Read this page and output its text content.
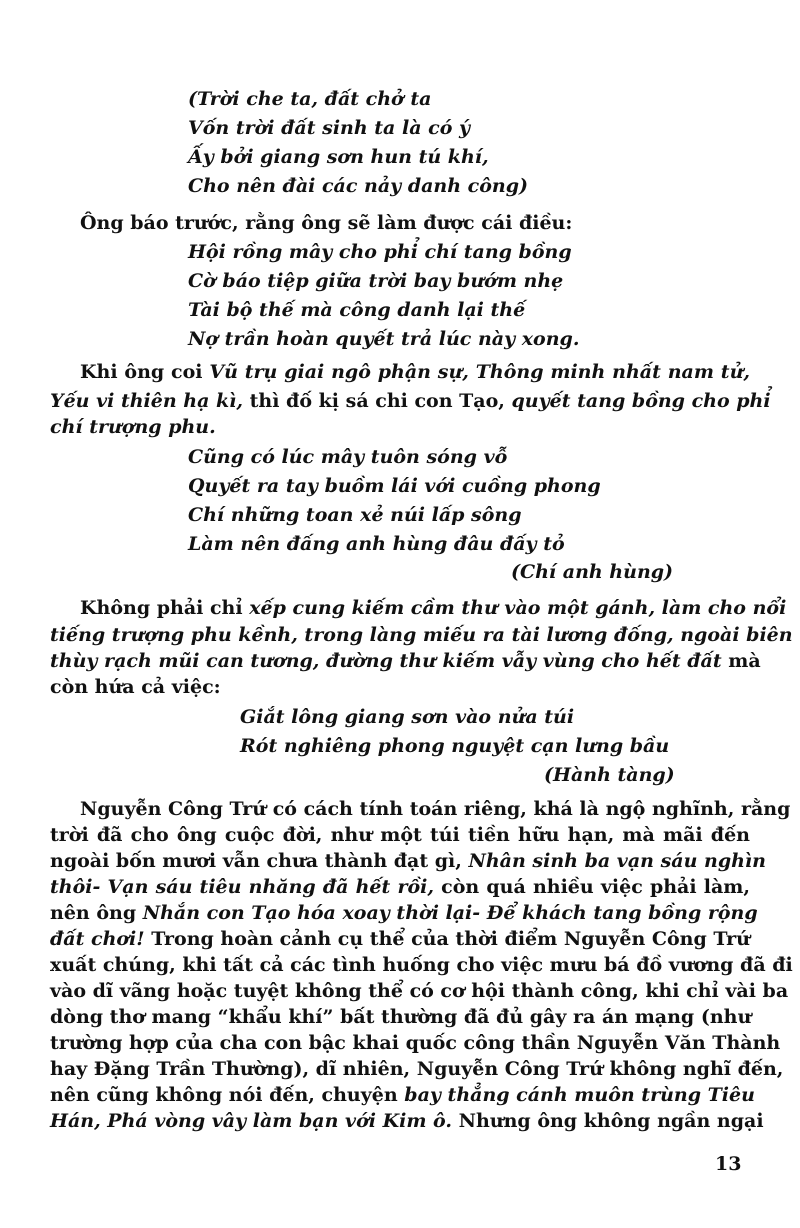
(Trời che ta, đất chở ta
Vốn trời đất sinh ta là có ý
Ấy bởi giang sơn hun tú khí,
Cho nên đài các nảy danh công)
Ông báo trước, rằng ông sẽ làm được cái điều:
Hội rồng mây cho phỉ chí tang bồng
Cờ báo tiệp giữa trời bay bướm nhẹ
Tài bộ thế mà công danh lại thế
Nợ trần hoàn quyết trả lúc này xong.
Khi ông coi Vũ trụ giai ngô phận sự, Thông minh nhất nam tử,
Yếu vi thiên hạ kì, thì đố kị sá chi con Tạo, quyết tang bồng cho phỉ
chí trượng phu.
Cũng có lúc mây tuôn sóng vỗ
Quyết ra tay buồm lái với cuồng phong
Chí những toan xẻ núi lấp sông
Làm nên đấng anh hùng đâu đấy tỏ
(Chí anh hùng)
Không phải chỉ xếp cung kiếm cầm thư vào một gánh, làm cho nổi
tiếng trượng phu kềnh, trong làng miếu ra tài lương đống, ngoài biên
thùy rạch mũi can tương, đường thư kiếm vẫy vùng cho hết đất mà
còn hứa cả việc:
Giắt lông giang sơn vào nửa túi
Rót nghiêng phong nguyệt cạn lưng bầu
(Hành tàng)
Nguyễn Công Trứ có cách tính toán riêng, khá là ngộ nghĩnh, rằng
trời đã cho ông cuộc đời, như một túi tiền hữu hạn, mà mãi đến
ngoài bốn mươi vẫn chưa thành đạt gì, Nhân sinh ba vạn sáu nghìn
thôi- Vạn sáu tiêu nhăng đã hết rồi, còn quá nhiều việc phải làm,
nên ông Nhắn con Tạo hóa xoay thời lại- Để khách tang bồng rộng
đất chơi! Trong hoàn cảnh cụ thể của thời điểm Nguyễn Công Trứ
xuất chúng, khi tất cả các tình huống cho việc mưu bá đồ vương đã đi
vào dĩ vãng hoặc tuyệt không thể có cơ hội thành công, khi chỉ vài ba
dòng thơ mang “khẩu khí” bất thường đã đủ gây ra án mạng (như
trường hợp của cha con bậc khai quốc công thần Nguyễn Văn Thành
hay Đặng Trần Thường), dĩ nhiên, Nguyễn Công Trứ không nghĩ đến,
nên cũng không nói đến, chuyện bay thẳng cánh muôn trùng Tiêu
Hán, Phá vòng vây làm bạn với Kim ô. Nhưng ông không ngần ngại
13
